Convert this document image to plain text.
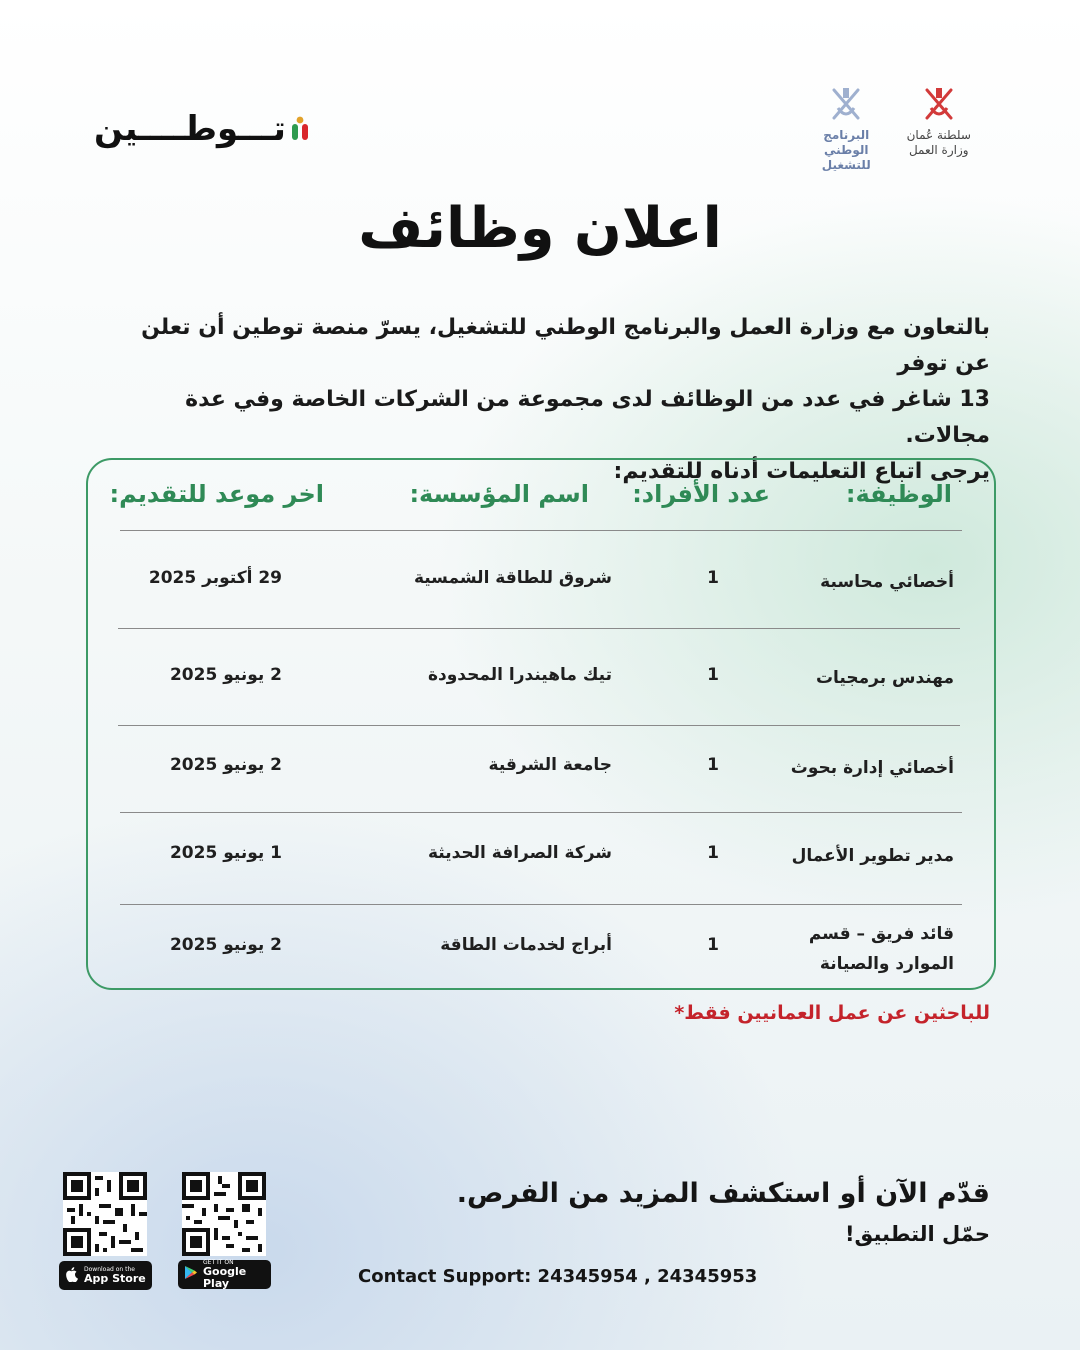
تـــوطــــين	البرنامج الوطني
للتشغيل
سلطنة عُمان
وزارة العمل
اعلان وظائف

بالتعاون مع وزارة العمل والبرنامج الوطني للتشغيل، يسرّ منصة توطين أن تعلن عن توفر

13 شاغر في عدد من الوظائف لدى مجموعة من الشركات الخاصة وفي عدة مجالات.

يرجى اتباع التعليمات أدناه للتقديم:

الوظيفة:
عدد الأفراد:
اسم المؤسسة:
اخر موعد للتقديم:
أخصائي محاسبة
1
شروق للطاقة الشمسية
29 أكتوبر 2025
مهندس برمجيات
1
تيك ماهيندرا المحدودة
2 يونيو 2025
أخصائي إدارة بحوث
1
جامعة الشرقية
2 يونيو 2025
مدير تطوير الأعمال
1
شركة الصرافة الحديثة
1 يونيو 2025
قائد فريق – قسم
الموارد والصيانة
1
أبراج لخدمات الطاقة
2 يونيو 2025
للباحثين عن عمل العمانيين فقط*
قدّم الآن أو استكشف المزيد من الفرص.
حمّل التطبيق!
Contact Support: 24345954 , 24345953
Download on the
App Store
GET IT ON
Google Play
